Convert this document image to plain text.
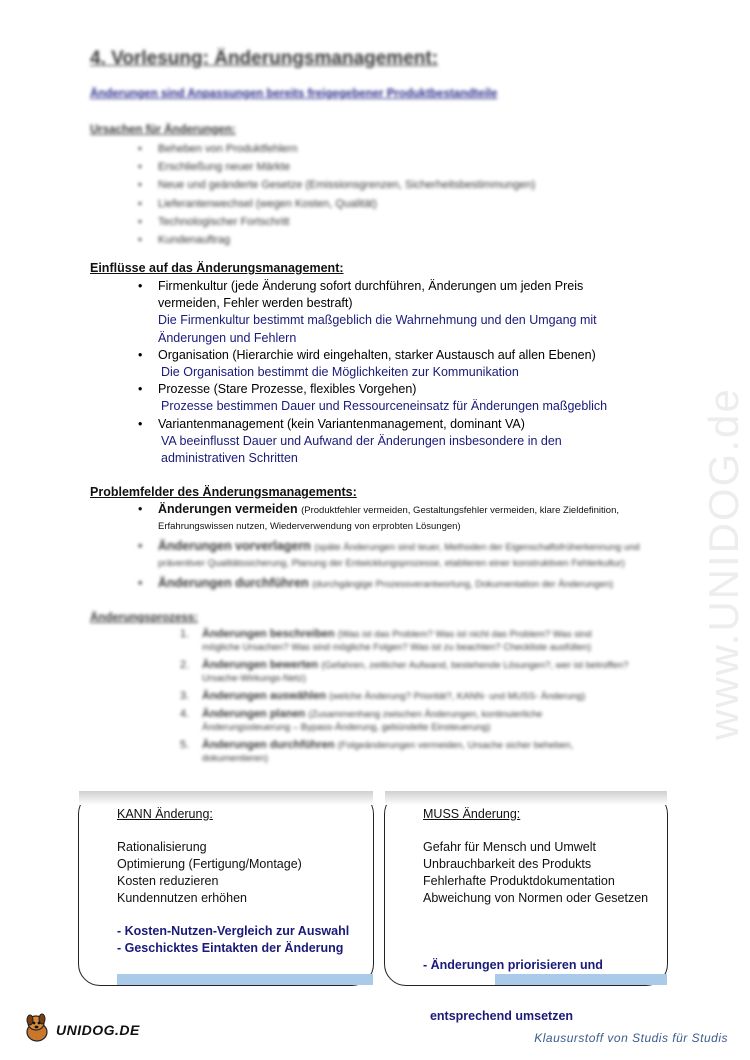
www.UNIDOG.de
4. Vorlesung: Änderungsmanagement:
Änderungen sind Anpassungen bereits freigegebener Produktbestandteile
Ursachen für Änderungen:
• Beheben von Produktfehlern
• Erschließung neuer Märkte
• Neue und geänderte Gesetze (Emissionsgrenzen, Sicherheitsbestimmungen)
• Lieferantenwechsel (wegen Kosten, Qualität)
• Technologischer Fortschritt
• Kundenauftrag
Einflüsse auf das Änderungsmanagement:
• Firmenkultur (jede Änderung sofort durchführen, Änderungen um jeden Preis vermeiden, Fehler werden bestraft)
Die Firmenkultur bestimmt maßgeblich die Wahrnehmung und den Umgang mit Änderungen und Fehlern
• Organisation (Hierarchie wird eingehalten, starker Austausch auf allen Ebenen)
Die Organisation bestimmt die Möglichkeiten zur Kommunikation
• Prozesse (Stare Prozesse, flexibles Vorgehen)
Prozesse bestimmen Dauer und Ressourceneinsatz für Änderungen maßgeblich
• Variantenmanagement (kein Variantenmanagement, dominant VA)
VA beeinflusst Dauer und Aufwand der Änderungen insbesondere in den administrativen Schritten
Problemfelder des Änderungsmanagements:
• Änderungen vermeiden (Produktfehler vermeiden, Gestaltungsfehler vermeiden, klare Zieldefinition, Erfahrungswissen nutzen, Wiederverwendung von erprobten Lösungen)
• Änderungen vorverlagern (späte Änderungen sind teuer, Methoden der Eigenschaftsfrüherkennung und präventiver Qualitätssicherung, Planung der Entwicklungsprozesse, etablieren einer konstruktiven Fehlerkultur)
• Änderungen durchführen (durchgängige Prozessverantwortung, Dokumentation der Änderungen)
Änderungsprozess:
1. Änderungen beschreiben (Was ist das Problem? Was ist nicht das Problem? Was sind mögliche Ursachen? Was sind mögliche Folgen? Was ist zu beachten? Checkliste ausfüllen)
2. Änderungen bewerten (Gefahren, zeitlicher Aufwand, bestehende Lösungen?, wer ist betroffen? Ursache-Wirkungs-Netz)
3. Änderungen auswählen (welche Änderung? Priorität?, KANN- und MUSS- Änderung)
4. Änderungen planen (Zusammenhang zwischen Änderungen, kontinuierliche Änderungssteuerung – Bypass-Änderung, gebündelte Einsteuerung)
5. Änderungen durchführen (Folgeänderungen vermeiden, Ursache sicher beheben, dokumentieren)
KANN Änderung:
Rationalisierung
Optimierung (Fertigung/Montage)
Kosten reduzieren
Kundennutzen erhöhen
- Kosten-Nutzen-Vergleich zur Auswahl
- Geschicktes Eintakten der Änderung
MUSS Änderung:
Gefahr für Mensch und Umwelt
Unbrauchbarkeit des Produkts
Fehlerhafte Produktdokumentation
Abweichung von Normen oder Gesetzen

- Änderungen priorisieren und

entsprechend umsetzen

UNIDOG.DE	Klausurstoff von Studis für Studis
